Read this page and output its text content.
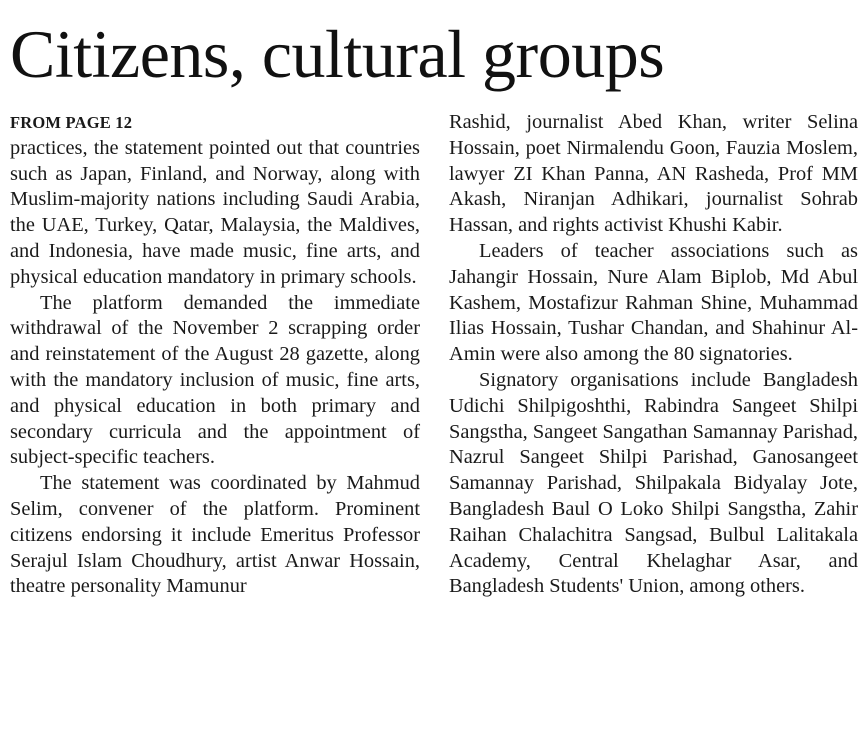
Citizens, cultural groups
FROM PAGE 12

practices, the statement pointed out that countries such as Japan, Finland, and Norway, along with Muslim-majority nations including Saudi Arabia, the UAE, Turkey, Qatar, Malaysia, the Maldives, and Indonesia, have made music, fine arts, and physical education mandatory in primary schools.

The platform demanded the immediate withdrawal of the November 2 scrapping order and reinstatement of the August 28 gazette, along with the mandatory inclusion of music, fine arts, and physical education in both primary and secondary curricula and the appointment of subject-specific teachers.

The statement was coordinated by Mahmud Selim, convener of the platform. Prominent citizens endorsing it include Emeritus Professor Serajul Islam Choudhury, artist Anwar Hossain, theatre personality Mamunur

Rashid, journalist Abed Khan, writer Selina Hossain, poet Nirmalendu Goon, Fauzia Moslem, lawyer ZI Khan Panna, AN Rasheda, Prof MM Akash, Niranjan Adhikari, journalist Sohrab Hassan, and rights activist Khushi Kabir.

Leaders of teacher associations such as Jahangir Hossain, Nure Alam Biplob, Md Abul Kashem, Mostafizur Rahman Shine, Muhammad Ilias Hossain, Tushar Chandan, and Shahinur Al-Amin were also among the 80 signatories.

Signatory organisations include Bangladesh Udichi Shilpigoshthi, Rabindra Sangeet Shilpi Sangstha, Sangeet Sangathan Samannay Parishad, Nazrul Sangeet Shilpi Parishad, Ganosangeet Samannay Parishad, Shilpakala Bidyalay Jote, Bangladesh Baul O Loko Shilpi Sangstha, Zahir Raihan Chalachitra Sangsad, Bulbul Lalitakala Academy, Central Khelaghar Asar, and Bangladesh Students' Union, among others.
